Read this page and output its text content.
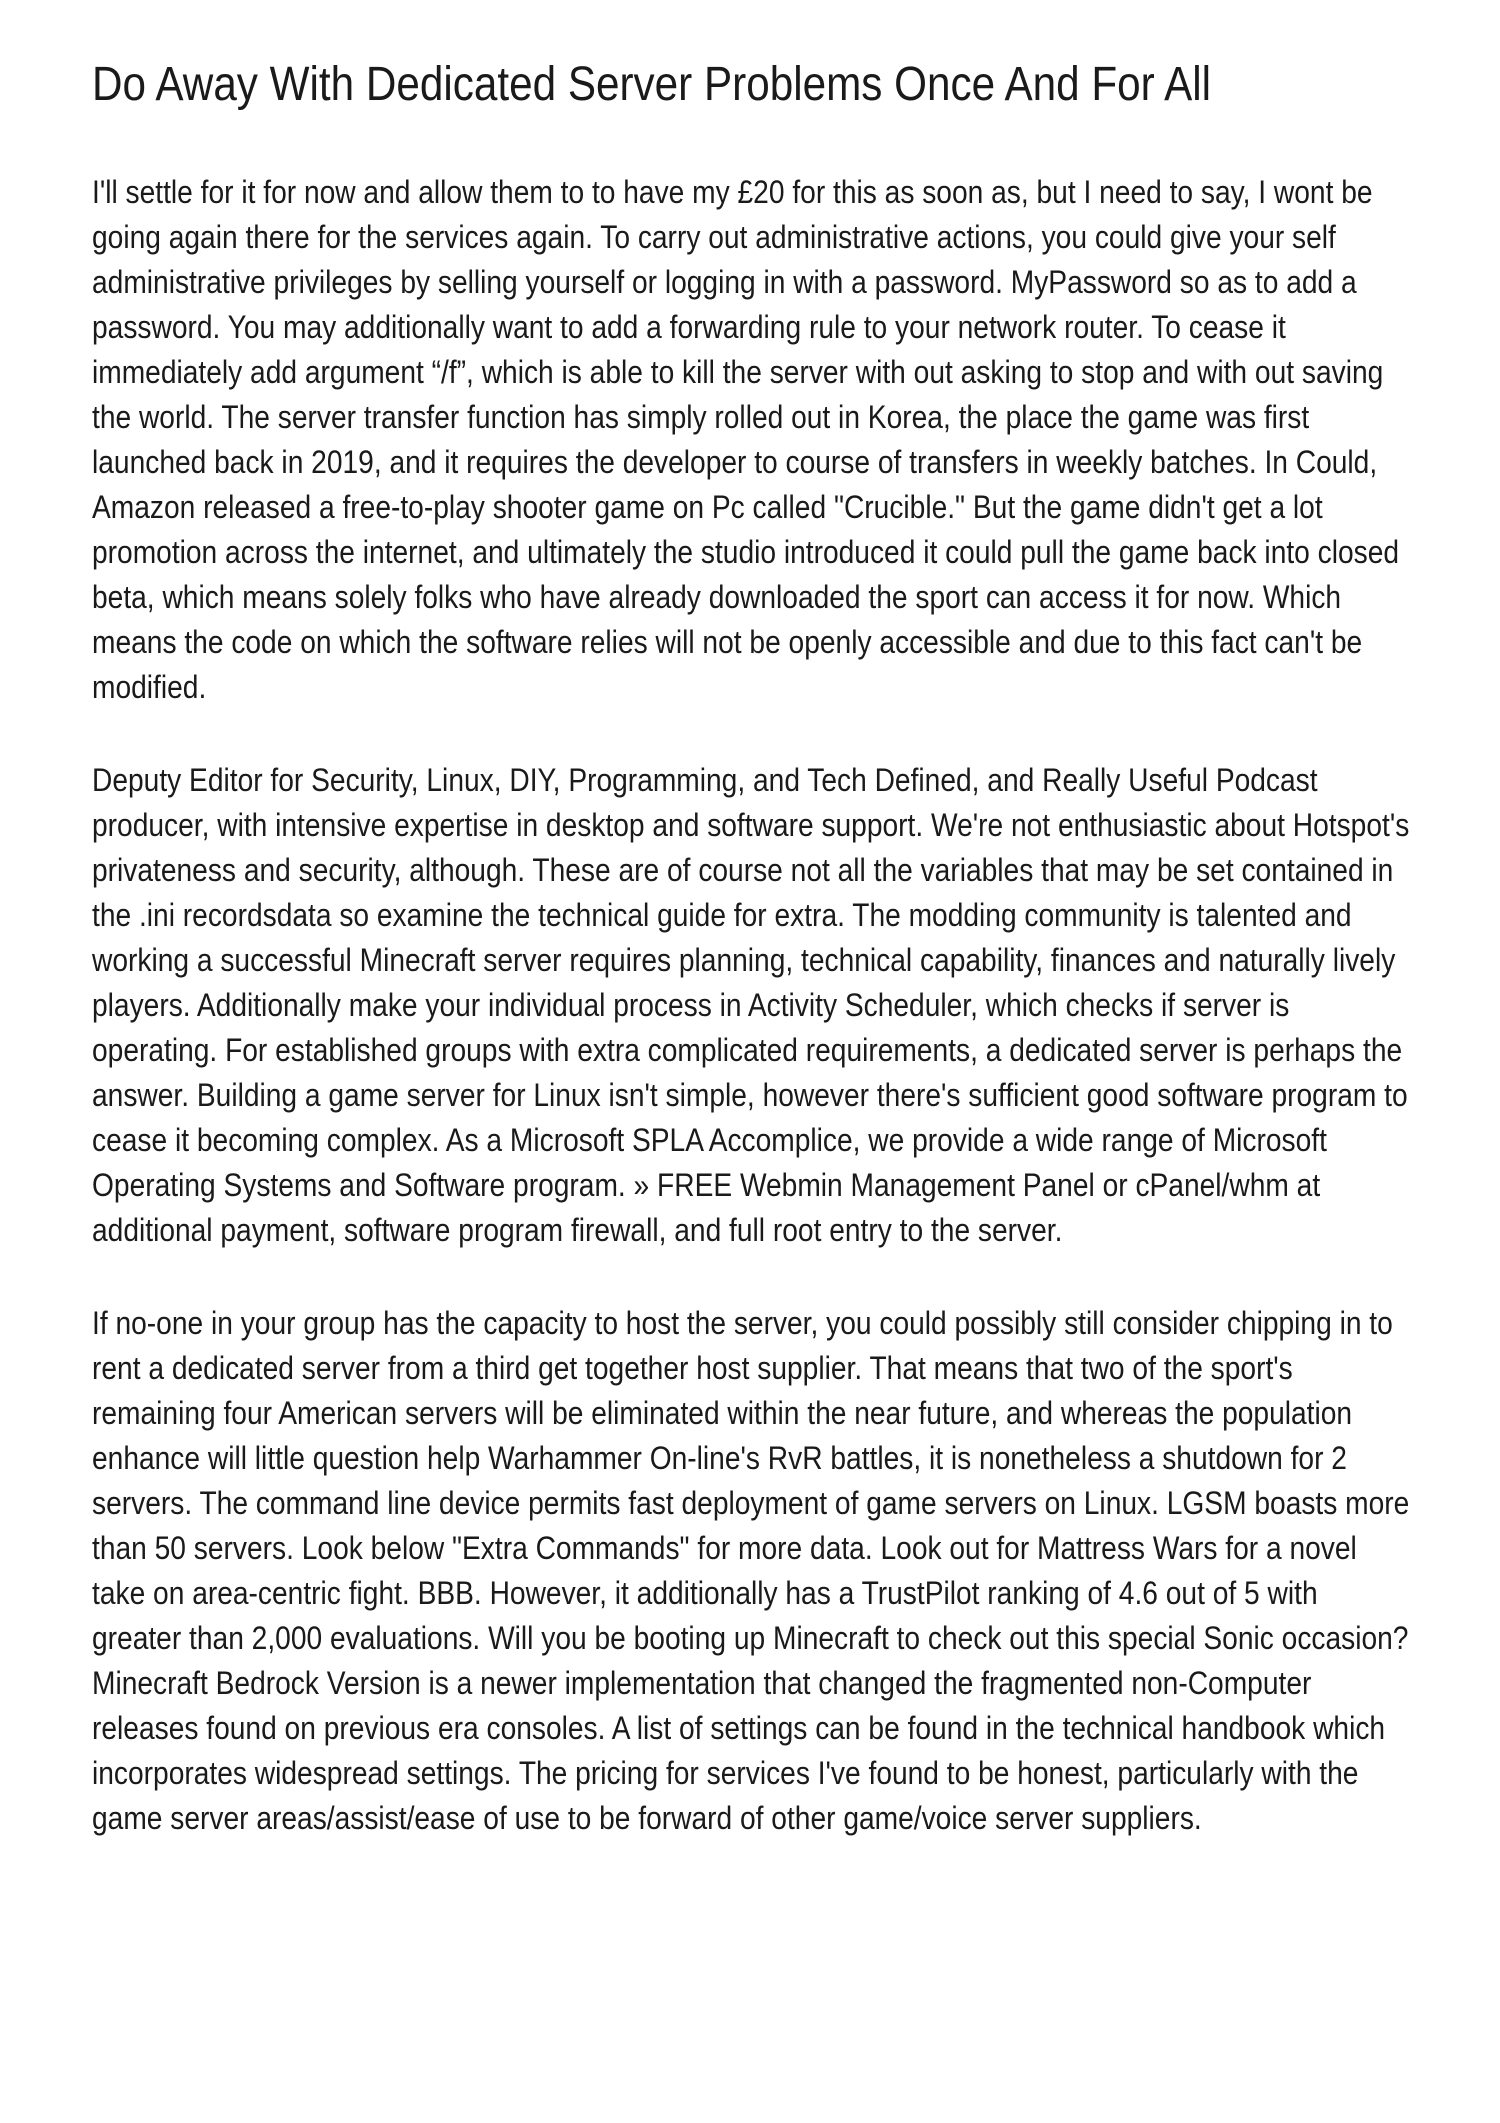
Do Away With Dedicated Server Problems Once And For All

I'll settle for it for now and allow them to to have my £20 for this as soon as, but I need to say, I wont be going again there for the services again. To carry out administrative actions, you could give your self administrative privileges by selling yourself or logging in with a password. MyPassword so as to add a password. You may additionally want to add a forwarding rule to your network router. To cease it immediately add argument “/f”, which is able to kill the server with out asking to stop and with out saving the world. The server transfer function has simply rolled out in Korea, the place the game was first launched back in 2019, and it requires the developer to course of transfers in weekly batches. In Could, Amazon released a free-to-play shooter game on Pc called "Crucible." But the game didn't get a lot promotion across the internet, and ultimately the studio introduced it could pull the game back into closed beta, which means solely folks who have already downloaded the sport can access it for now. Which means the code on which the software relies will not be openly accessible and due to this fact can't be modified.

Deputy Editor for Security, Linux, DIY, Programming, and Tech Defined, and Really Useful Podcast producer, with intensive expertise in desktop and software support. We're not enthusiastic about Hotspot's privateness and security, although. These are of course not all the variables that may be set contained in the .ini recordsdata so examine the technical guide for extra. The modding community is talented and working a successful Minecraft server requires planning, technical capability, finances and naturally lively players. Additionally make your individual process in Activity Scheduler, which checks if server is operating. For established groups with extra complicated requirements, a dedicated server is perhaps the answer. Building a game server for Linux isn't simple, however there's sufficient good software program to cease it becoming complex. As a Microsoft SPLA Accomplice, we provide a wide range of Microsoft Operating Systems and Software program. » FREE Webmin Management Panel or cPanel/whm at additional payment, software program firewall, and full root entry to the server.

If no-one in your group has the capacity to host the server, you could possibly still consider chipping in to rent a dedicated server from a third get together host supplier. That means that two of the sport's remaining four American servers will be eliminated within the near future, and whereas the population enhance will little question help Warhammer On-line's RvR battles, it is nonetheless a shutdown for 2 servers. The command line device permits fast deployment of game servers on Linux. LGSM boasts more than 50 servers. Look below "Extra Commands" for more data. Look out for Mattress Wars for a novel take on area-centric fight. BBB. However, it additionally has a TrustPilot ranking of 4.6 out of 5 with greater than 2,000 evaluations. Will you be booting up Minecraft to check out this special Sonic occasion? Minecraft Bedrock Version is a newer implementation that changed the fragmented non-Computer releases found on previous era consoles. A list of settings can be found in the technical handbook which incorporates widespread settings. The pricing for services I've found to be honest, particularly with the game server areas/assist/ease of use to be forward of other game/voice server suppliers.
